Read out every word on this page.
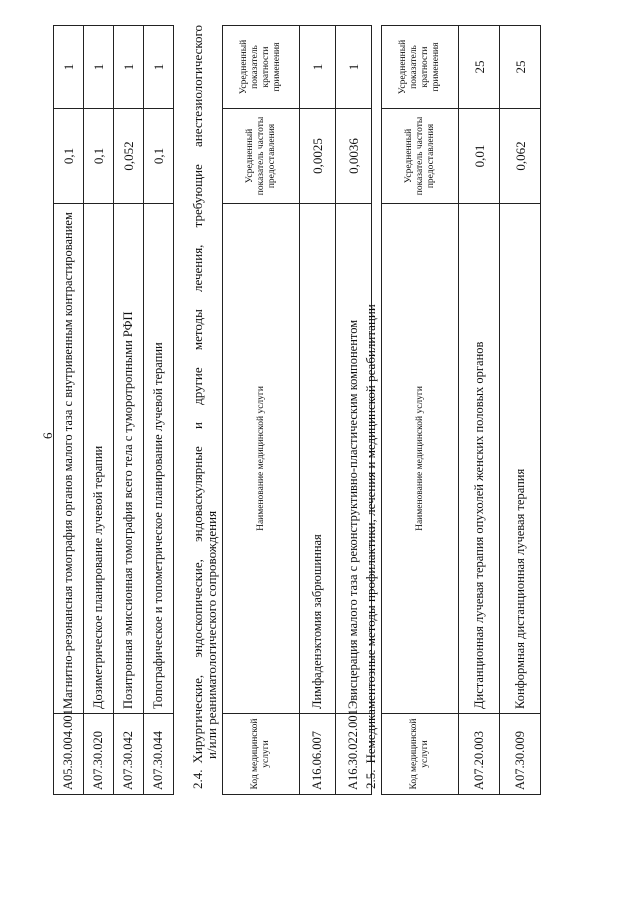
6
A05.30.004.001	Магнитно-резонансная томография органов малого таза с внутривенным контрастированием	0,1	1
A07.30.020	Дозиметрическое планирование лучевой терапии	0,1	1
A07.30.042	Позитронная эмиссионная томография всего тела с туморотропными РФП	0,052	1
A07.30.044	Топографическое и топометрическое планирование лучевой терапии	0,1	1
2.4.Хирургические, эндоскопические, эндоваскулярные и другие методы лечения, требующие анестезиологического и/или реаниматологического сопровождения	Код медицинской услуги	Наименование медицинской услуги	Усредненный показатель частоты предоставления	Усредненный показатель кратности применения
A16.06.007	Лимфаденэктомия забрюшинная	0,0025	1
A16.30.022.001	Эвисцерация малого таза с реконструктивно-пластическим компонентом	0,0036	1
2.5.Немедикаментозные методы профилактики, лечения и медицинской реабилитации	Код медицинской услуги	Наименование медицинской услуги	Усредненный показатель частоты предоставления	Усредненный показатель кратности применения
A07.20.003	Дистанционная лучевая терапия опухолей женских половых органов	0,01	25
A07.30.009	Конформная дистанционная лучевая терапия	0,062	25
